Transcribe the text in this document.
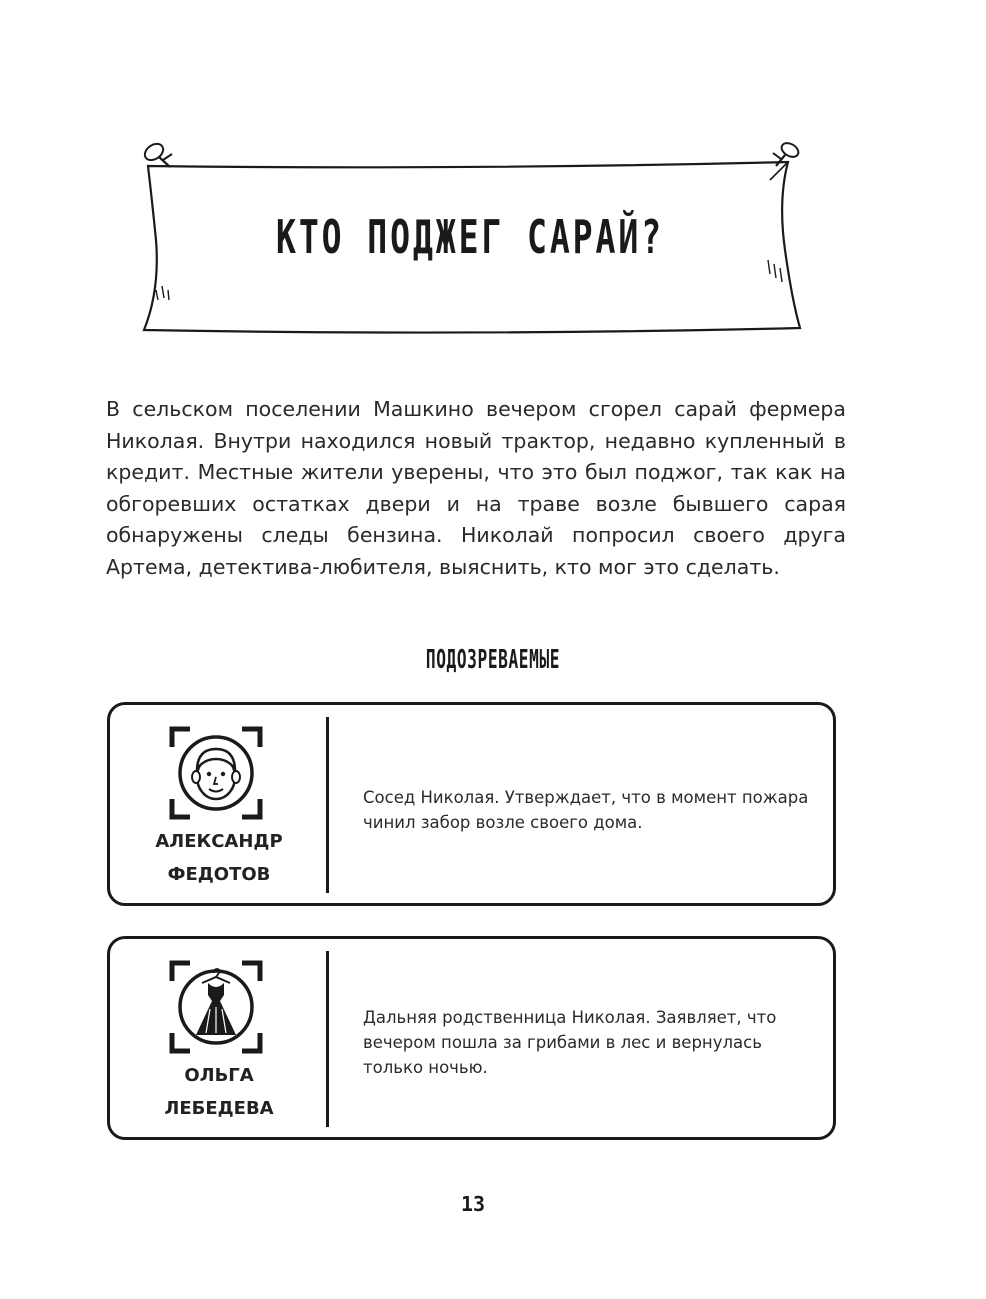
КТО ПОДЖЕГ САРАЙ?

В сельском поселении Машкино вечером сгорел сарай фермера Николая. Внутри находился новый трактор, недавно купленный в кредит. Местные жители уверены, что это был поджог, так как на обгоревших остатках двери и на траве возле бывшего сарая обнаружены следы бензина. Николай попросил своего друга Артема, детектива-любителя, выяснить, кто мог это сделать.

ПОДОЗРЕВАЕМЫЕ
АЛЕКСАНДР
ФЕДОТОВ
Сосед Николая. Утверждает, что в момент пожара чинил забор возле своего дома.
ОЛЬГА
ЛЕБЕДЕВА
Дальняя родственница Николая. Заявляет, что вечером пошла за грибами в лес и вернулась только ночью.
13
